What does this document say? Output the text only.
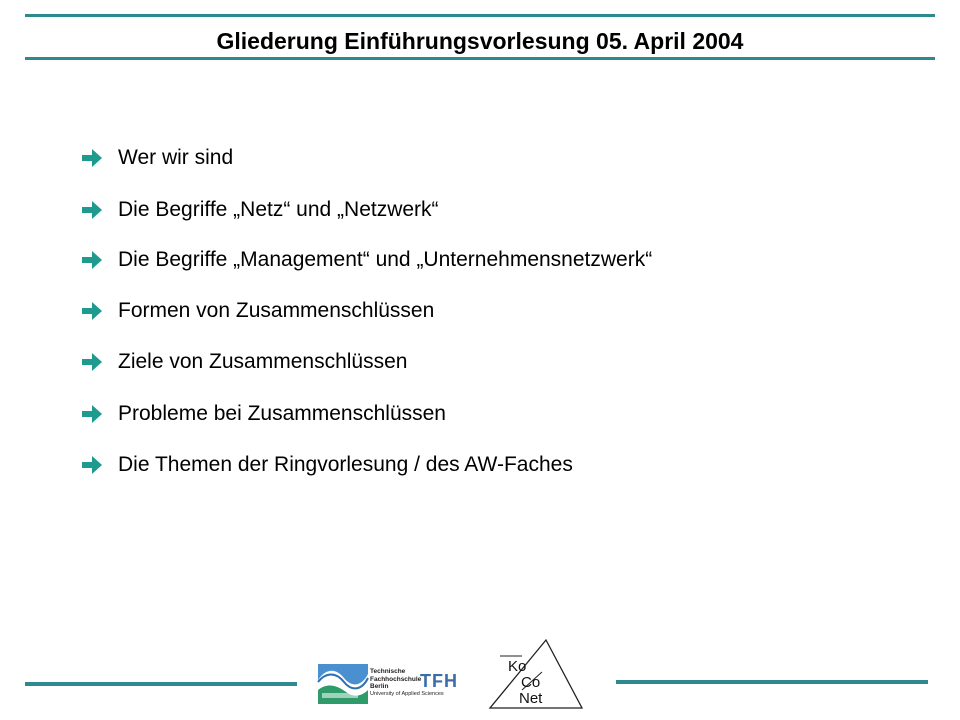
Gliederung Einführungsvorlesung 05. April 2004
Wer wir sind
Die Begriffe „Netz“ und „Netzwerk“
Die Begriffe „Management“ und „Unternehmensnetzwerk“
Formen von Zusammenschlüssen
Ziele von Zusammenschlüssen
Probleme bei Zusammenschlüssen
Die Themen der Ringvorlesung / des AW-Faches
Technische
Fachhochschule
Berlin
University of Applied Sciences
TFH
Ko
Co
Net
